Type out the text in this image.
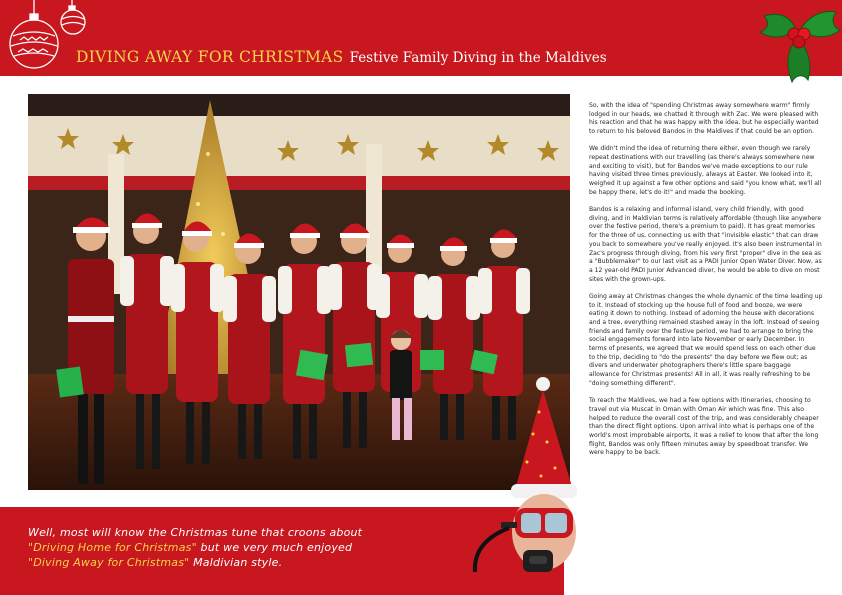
DIVING AWAY FOR CHRISTMAS Festive Family Diving in the Maldives
Well, most will know the Christmas tune that croons about
"Driving Home for Christmas" but we very much enjoyed
"Diving Away for Christmas" Maldivian style.

So, with the idea of "spending Christmas away somewhere warm" firmly lodged in our heads, we chatted it through with Zac. We were pleased with his reaction and that he was happy with the idea, but he especially wanted to return to his beloved Bandos in the Maldives if that could be an option.

We didn't mind the idea of returning there either, even though we rarely repeat destinations with our travelling (as there's always somewhere new and exciting to visit), but for Bandos we've made exceptions to our rule having visited three times previously, always at Easter. We looked into it, weighed it up against a few other options and said "you know what, we'll all be happy there, let's do it!" and made the booking.

Bandos is a relaxing and informal island, very child friendly, with good diving, and in Maldivian terms is relatively affordable (though like anywhere over the festive period, there's a premium to paid). It has great memories for the three of us, connecting us with that "invisible elastic" that can draw you back to somewhere you've really enjoyed. It's also been instrumental in Zac's progress through diving, from his very first "proper" dive in the sea as a "Bubblemaker" to our last visit as a PADI Junior Open Water Diver. Now, as a 12 year-old PADI Junior Advanced diver, he would be able to dive on most sites with the grown-ups.

Going away at Christmas changes the whole dynamic of the time leading up to it. Instead of stocking up the house full of food and booze, we were eating it down to nothing. Instead of adorning the house with decorations and a tree, everything remained stashed away in the loft. Instead of seeing friends and family over the festive period, we had to arrange to bring the social engagements forward into late November or early December. In terms of presents, we agreed that we would spend less on each other due to the trip, deciding to "do the presents" the day before we flew out; as divers and underwater photographers there's little spare baggage allowance for Christmas presents! All in all, it was really refreshing to be "doing something different".

To reach the Maldives, we had a few options with itineraries, choosing to travel out via Muscat in Oman with Oman Air which was fine. This also helped to reduce the overall cost of the trip, and was considerably cheaper than the direct flight options. Upon arrival into what is perhaps one of the world's most improbable airports, it was a relief to know that after the long flight, Bandos was only fifteen minutes away by speedboat transfer. We were happy to be back.
